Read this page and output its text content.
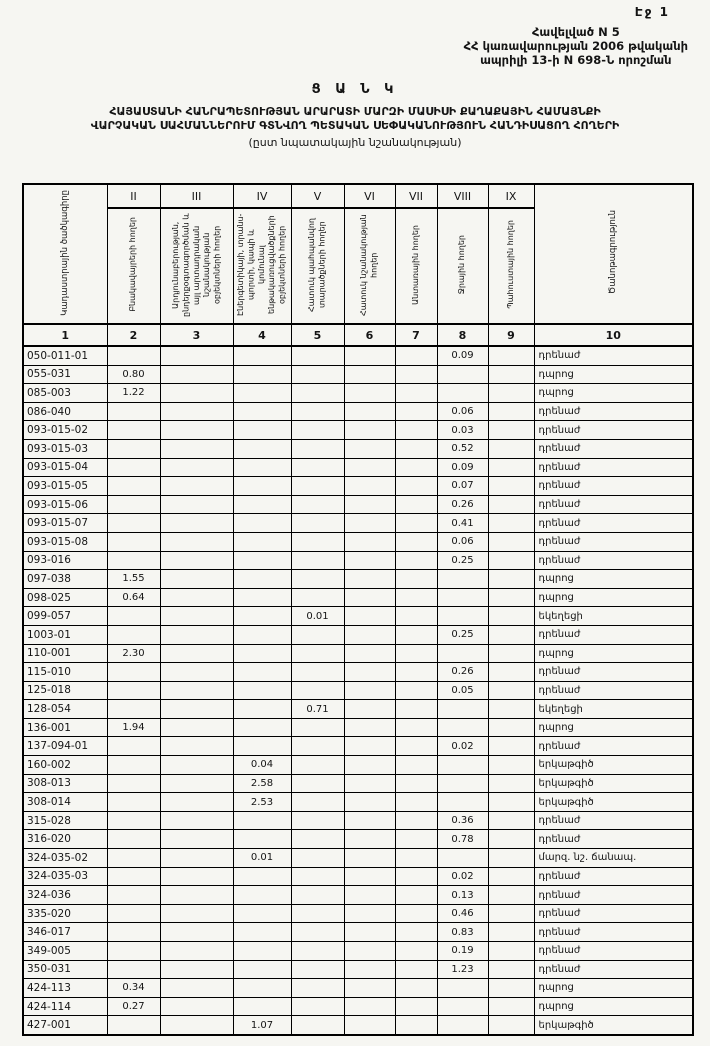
Էջ 1
Հավելված N 5
ՀՀ կառավարության 2006 թվականի
ապրիլի 13-ի N 698-Ն որոշման
Ց Ա Ն Կ
ՀԱՅԱՍՏԱՆԻ ՀԱՆՐԱՊԵՏՈՒԹՅԱՆ ԱՐԱՐԱՏԻ ՄԱՐԶԻ ՄԱՍԻՍԻ ՔԱՂԱՔԱՅԻՆ ՀԱՄԱՅՆՔԻ
ՎԱՐՉԱԿԱՆ ՍԱՀՄԱՆՆԵՐՈՒՄ ԳՏՆՎՈՂ ՊԵՏԱԿԱՆ ՍԵՓԱԿԱՆՈՒԹՅՈՒՆ ՀԱՆԴԻՍԱՑՈՂ ՀՈՂԵՐԻ
(ըստ նպատակային նշանակության)
Կադաստրային ծածկագիրը	II	III	IV	V	VI	VII	VIII	IX	Ծանոթագրություն
	Բնակավայրերի հողեր	Արդյունաբերության, ընդերքօգտագործման և այլ արտադրական նշանակության օբյեկտների հողեր	Էներգետիկայի, տրանս- պորտի, կապի և կոմունալ ենթակառուցվածքների օբյեկտների հողեր	Հատուկ պահպանվող տարածքների հողեր	Հատուկ նշանակության հողեր	Անտառային հողեր	Ջրային հողեր	Պահուստային հողեր	
1	2	3	4	5	6	7	8	9	10
050-011-01							0.09		դրենաժ
055-031	0.80								դպրոց
085-003	1.22								դպրոց
086-040							0.06		դրենաժ
093-015-02							0.03		դրենաժ
093-015-03							0.52		դրենաժ
093-015-04							0.09		դրենաժ
093-015-05							0.07		դրենաժ
093-015-06							0.26		դրենաժ
093-015-07							0.41		դրենաժ
093-015-08							0.06		դրենաժ
093-016							0.25		դրենաժ
097-038	1.55								դպրոց
098-025	0.64								դպրոց
099-057				0.01					եկեղեցի
1003-01							0.25		դրենաժ
110-001	2.30								դպրոց
115-010							0.26		դրենաժ
125-018							0.05		դրենաժ
128-054				0.71					եկեղեցի
136-001	1.94								դպրոց
137-094-01							0.02		դրենաժ
160-002			0.04						երկաթգիծ
308-013			2.58						երկաթգիծ
308-014			2.53						երկաթգիծ
315-028							0.36		դրենաժ
316-020							0.78		դրենաժ
324-035-02			0.01						մարզ. նշ. ճանապ.
324-035-03							0.02		դրենաժ
324-036							0.13		դրենաժ
335-020							0.46		դրենաժ
346-017							0.83		դրենաժ
349-005							0.19		դրենաժ
350-031							1.23		դրենաժ
424-113	0.34								դպրոց
424-114	0.27								դպրոց
427-001			1.07						երկաթգիծ
